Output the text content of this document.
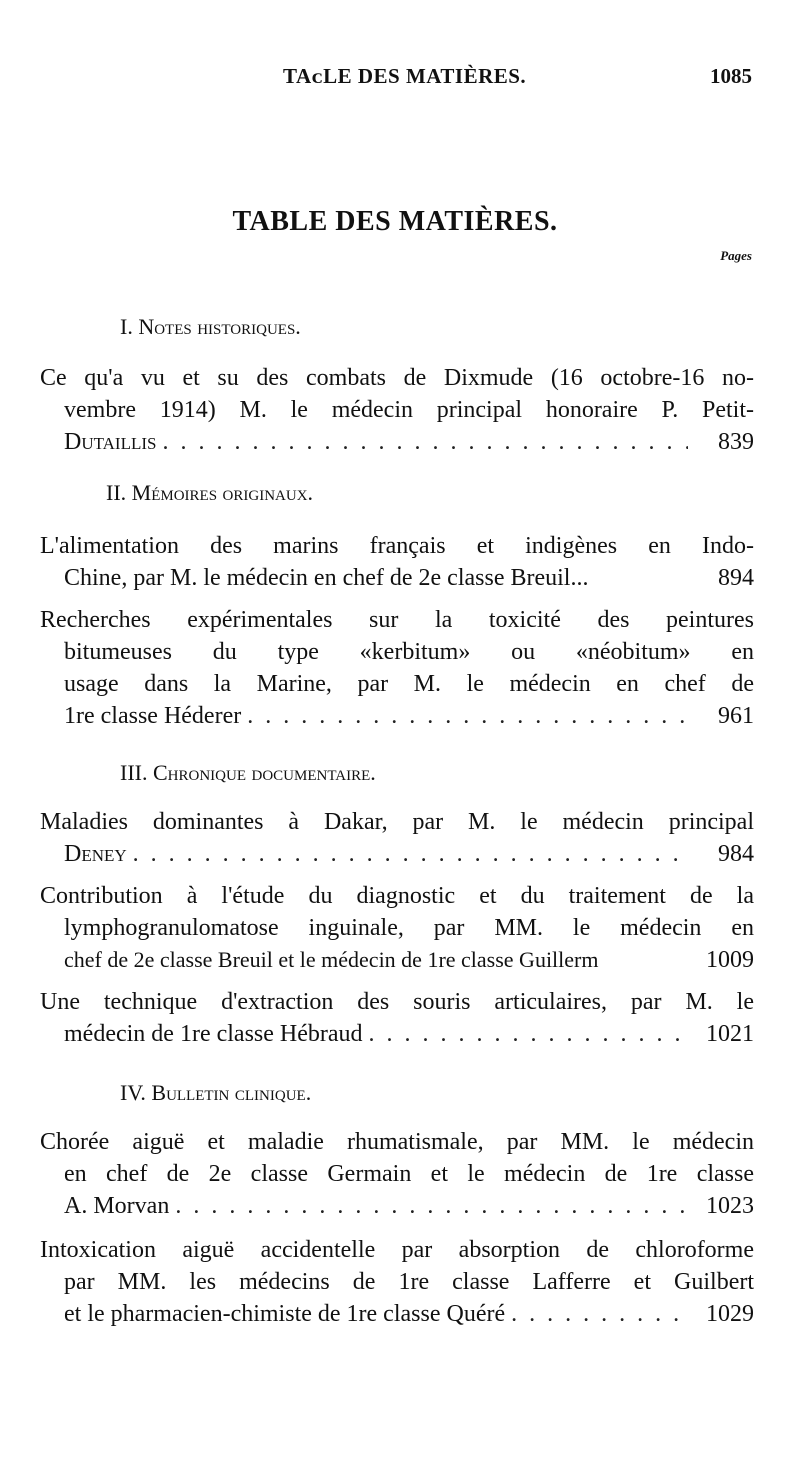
TAᴄLE DES MATIÈRES.	1085
TABLE DES MATIÈRES.
Pages
I. Notes historiques.
Ce qu'a vu et su des combats de Dixmude (16 octobre-16 no-
vembre 1914) M. le médecin principal honoraire P. Petit-
Dutaillis . . .	839
II. Mémoires originaux.
L'alimentation des marins français et indigènes en Indo-
Chine, par M. le médecin en chef de 2e classe Breuil...	894
Recherches expérimentales sur la toxicité des peintures
bitumeuses du type «kerbitum» ou «néobitum» en
usage dans la Marine, par M. le médecin en chef de
1re classe Héderer . . .	961
III. Chronique documentaire.
Maladies dominantes à Dakar, par M. le médecin principal
Deney . . .	984
Contribution à l'étude du diagnostic et du traitement de la
lymphogranulomatose inguinale, par MM. le médecin en
chef de 2e classe Breuil et le médecin de 1re classe Guillerm	1009
Une technique d'extraction des souris articulaires, par M. le
médecin de 1re classe Hébraud . . .	1021
IV. Bulletin clinique.
Chorée aiguë et maladie rhumatismale, par MM. le médecin
en chef de 2e classe Germain et le médecin de 1re classe
A. Morvan . . .	1023
Intoxication aiguë accidentelle par absorption de chloroforme
par MM. les médecins de 1re classe Lafferre et Guilbert
et le pharmacien-chimiste de 1re classe Quéré . . .	1029
